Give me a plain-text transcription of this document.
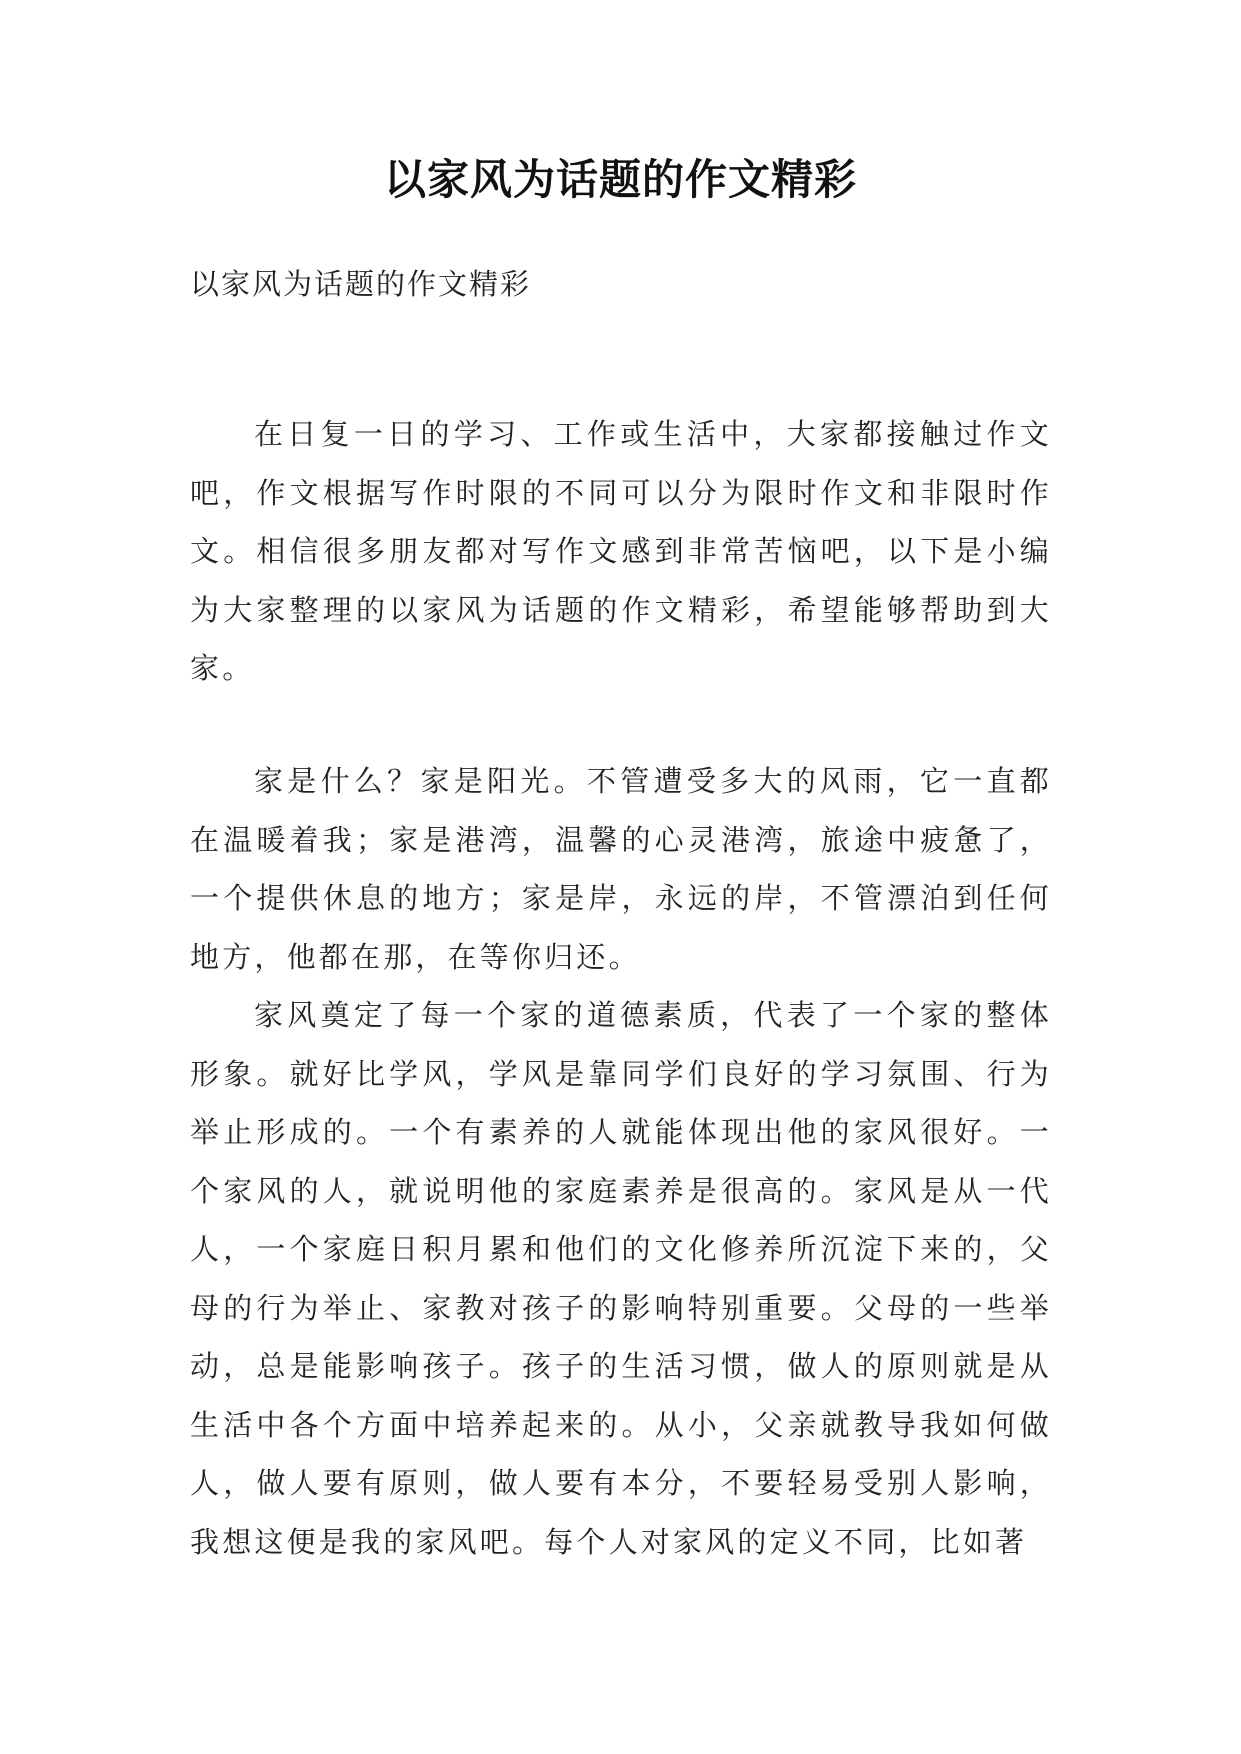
以家风为话题的作文精彩

以家风为话题的作文精彩

在日复一日的学习、工作或生活中，大家都接触过作文吧，作文根据写作时限的不同可以分为限时作文和非限时作文。相信很多朋友都对写作文感到非常苦恼吧，以下是小编为大家整理的以家风为话题的作文精彩，希望能够帮助到大家。

家是什么？家是阳光。不管遭受多大的风雨，它一直都在温暖着我；家是港湾，温馨的心灵港湾，旅途中疲惫了，一个提供休息的地方；家是岸，永远的岸，不管漂泊到任何地方，他都在那，在等你归还。

家风奠定了每一个家的道德素质，代表了一个家的整体形象。就好比学风，学风是靠同学们良好的学习氛围、行为举止形成的。一个有素养的人就能体现出他的家风很好。一个家风的人，就说明他的家庭素养是很高的。家风是从一代人，一个家庭日积月累和他们的文化修养所沉淀下来的，父母的行为举止、家教对孩子的影响特别重要。父母的一些举动，总是能影响孩子。孩子的生活习惯，做人的原则就是从生活中各个方面中培养起来的。从小，父亲就教导我如何做人，做人要有原则，做人要有本分，不要轻易受别人影响，我想这便是我的家风吧。每个人对家风的定义不同，比如著
